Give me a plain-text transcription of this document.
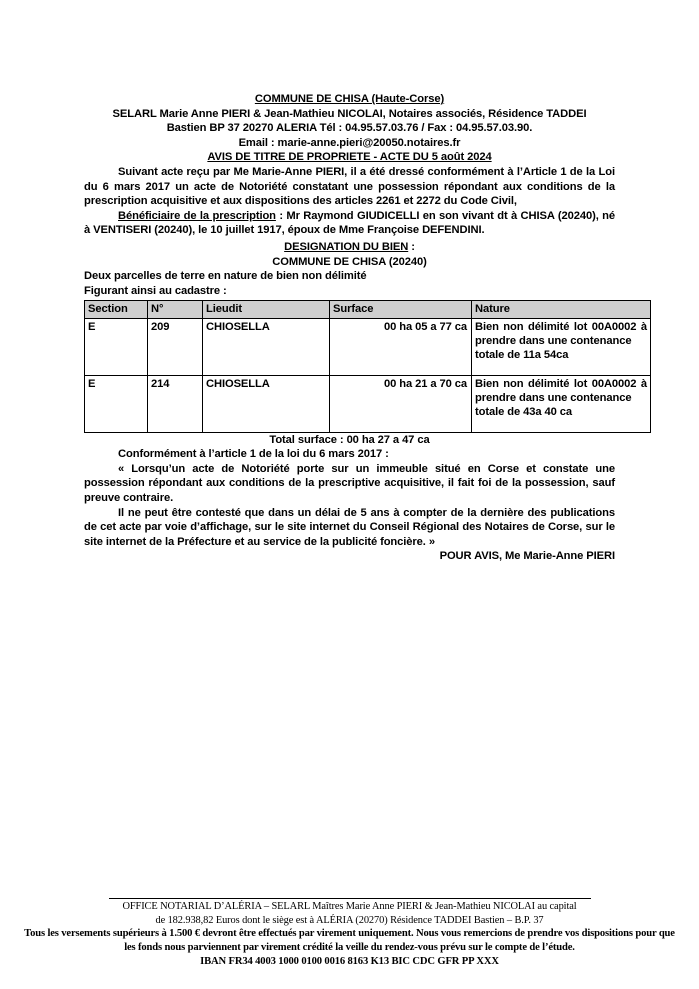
COMMUNE DE CHISA (Haute-Corse)
SELARL Marie Anne PIERI & Jean-Mathieu NICOLAI, Notaires associés, Résidence TADDEI
Bastien BP 37 20270 ALERIA Tél : 04.95.57.03.76 / Fax : 04.95.57.03.90.
Email : marie-anne.pieri@20050.notaires.fr
AVIS DE TITRE DE PROPRIETE - ACTE DU 5 août 2024
Suivant acte reçu par Me Marie-Anne PIERI, il a été dressé conformément à l’Article 1 de la Loi du 6 mars 2017 un acte de Notoriété constatant une possession répondant aux conditions de la prescription acquisitive et aux dispositions des articles 2261 et 2272 du Code Civil,
Bénéficiaire de la prescription : Mr Raymond GIUDICELLI en son vivant dt à CHISA (20240), né à VENTISERI (20240), le 10 juillet 1917, époux de Mme Françoise DEFENDINI.
DESIGNATION DU BIEN :
COMMUNE DE CHISA (20240)
Deux parcelles de terre en nature de bien non délimité
Figurant ainsi au cadastre :
Section	N°	Lieudit	Surface	Nature
E	209	CHIOSELLA	00 ha 05 a 77 ca	Bien non délimité lot 00A0002 à prendre dans une contenance
totale de 11a 54ca

E	214	CHIOSELLA	00 ha 21 a 70 ca	Bien non délimité lot 00A0002 à prendre dans une contenance
totale de 43a 40 ca
Total surface : 00 ha 27 a 47 ca
Conformément à l’article 1 de la loi du 6 mars 2017 :
« Lorsqu’un acte de Notoriété porte sur un immeuble situé en Corse et constate une possession répondant aux conditions de la prescriptive acquisitive, il fait foi de la possession, sauf preuve contraire.
Il ne peut être contesté que dans un délai de 5 ans à compter de la dernière des publications de cet acte par voie d’affichage, sur le site internet du Conseil Régional des Notaires de Corse, sur le site internet de la Préfecture et au service de la publicité foncière. »
POUR AVIS, Me Marie-Anne PIERI
OFFICE NOTARIAL D’ALÉRIA – SELARL Maîtres Marie Anne PIERI & Jean-Mathieu NICOLAI au capital
de 182.938,82 Euros dont le siège est à ALÉRIA (20270) Résidence TADDEI Bastien – B.P. 37
Tous les versements supérieurs à 1.500 € devront être effectués par virement uniquement. Nous vous remercions de prendre vos dispositions pour que
les fonds nous parviennent par virement crédité la veille du rendez-vous prévu sur le compte de l’étude.
IBAN FR34 4003 1000 0100 0016 8163 K13 BIC CDC GFR PP XXX
